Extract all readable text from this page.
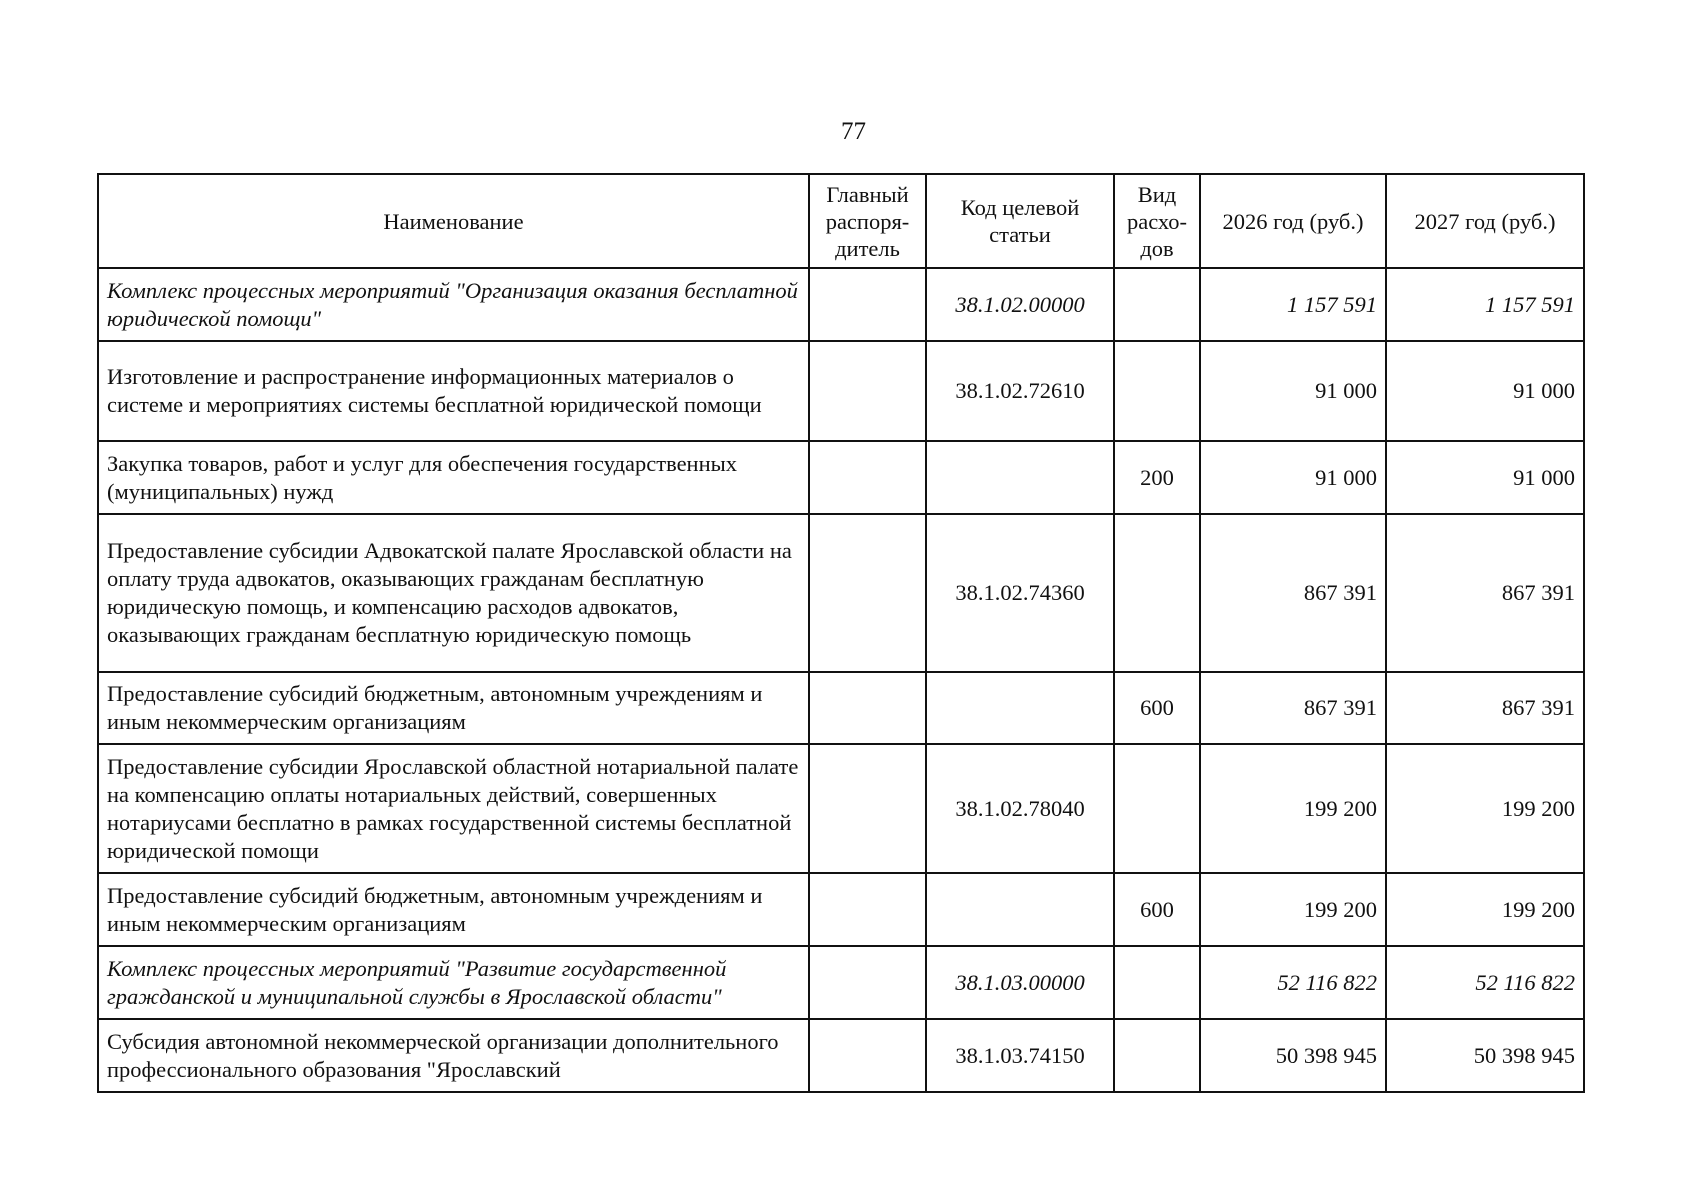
77
Наименование	Главный распоря-дитель	Код целевой статьи	Вид расхо-дов	2026 год (руб.)	2027 год (руб.)
Комплекс процессных мероприятий "Организация оказания бесплатной юридической помощи"		38.1.02.00000		1 157 591	1 157 591
Изготовление и распространение информационных материалов о системе и мероприятиях системы бесплатной юридической помощи		38.1.02.72610		91 000	91 000
Закупка товаров, работ и услуг для обеспечения государственных (муниципальных) нужд			200	91 000	91 000
Предоставление субсидии Адвокатской палате Ярославской области на оплату труда адвокатов, оказывающих гражданам бесплатную юридическую помощь, и компенсацию расходов адвокатов, оказывающих гражданам бесплатную юридическую помощь		38.1.02.74360		867 391	867 391
Предоставление субсидий бюджетным, автономным учреждениям и иным некоммерческим организациям			600	867 391	867 391
Предоставление субсидии Ярославской областной нотариальной палате на компенсацию оплаты нотариальных действий, совершенных нотариусами бесплатно в рамках государственной системы бесплатной юридической помощи		38.1.02.78040		199 200	199 200
Предоставление субсидий бюджетным, автономным учреждениям и иным некоммерческим организациям			600	199 200	199 200
Комплекс процессных мероприятий "Развитие государственной гражданской и муниципальной службы в Ярославской области"		38.1.03.00000		52 116 822	52 116 822
Субсидия автономной некоммерческой организации дополнительного профессионального образования "Ярославский		38.1.03.74150		50 398 945	50 398 945
